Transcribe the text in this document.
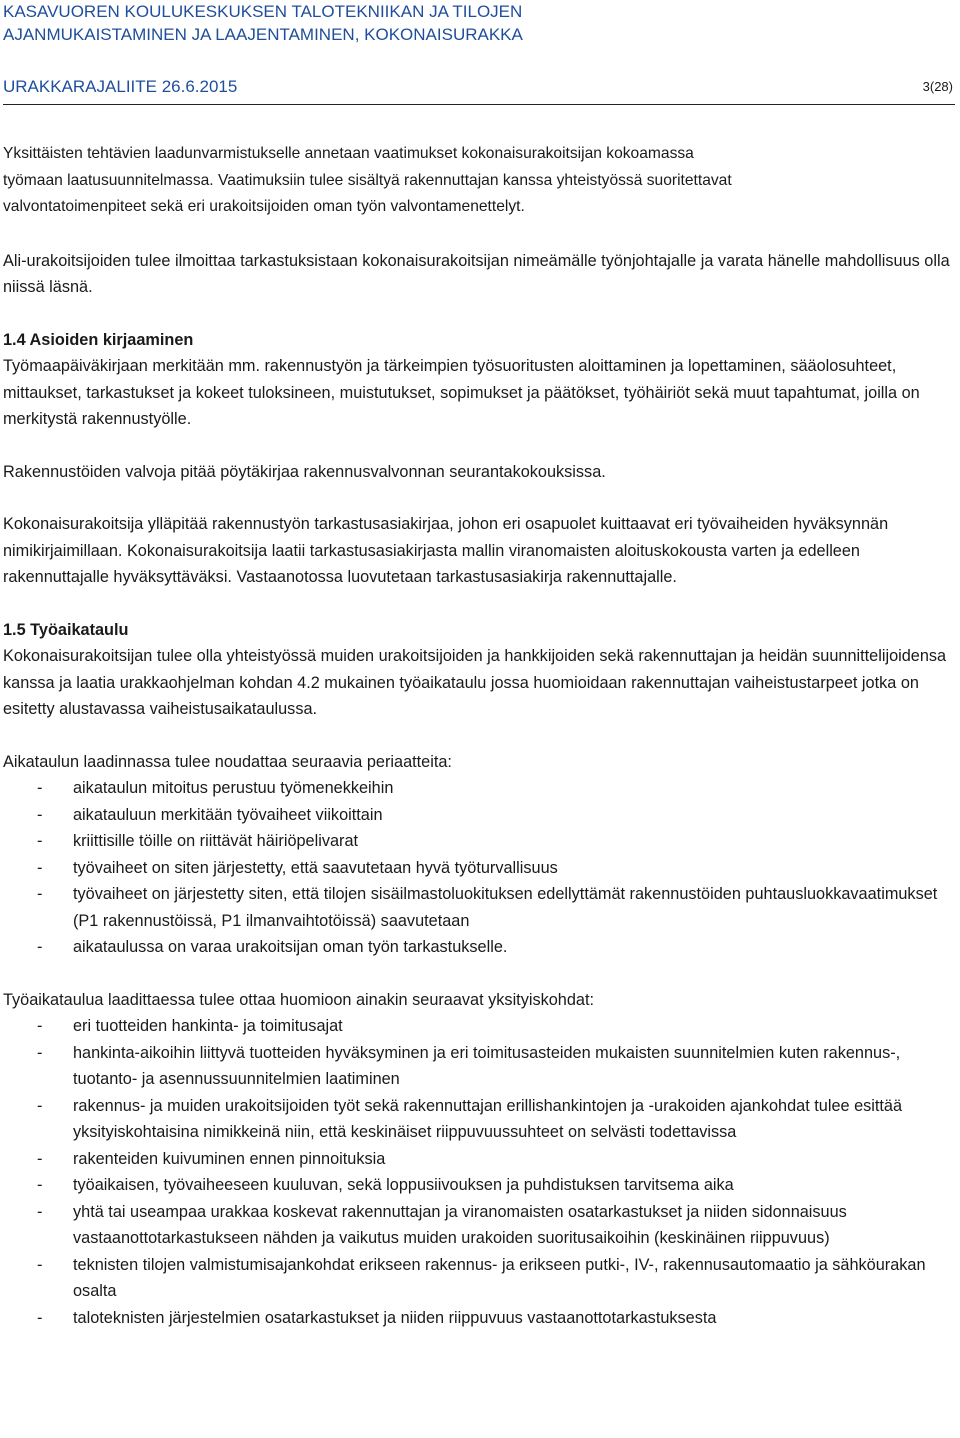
KASAVUOREN KOULUKESKUKSEN TALOTEKNIIKAN JA TILOJEN
AJANMUKAISTAMINEN JA LAAJENTAMINEN, KOKONAISURAKKA
URAKKARAJALIITE 26.6.2015	3(28)
Yksittäisten tehtävien laadunvarmistukselle annetaan vaatimukset kokonaisurakoitsijan kokoamassa
työmaan laatusuunnitelmassa. Vaatimuksiin tulee sisältyä rakennuttajan kanssa yhteistyössä suoritettavat
valvontatoimenpiteet sekä eri urakoitsijoiden oman työn valvontamenettelyt.

Ali-urakoitsijoiden tulee ilmoittaa tarkastuksistaan kokonaisurakoitsijan nimeämälle työnjohtajalle ja varata hänelle mahdollisuus olla niissä läsnä.

1.4 Asioiden kirjaaminen

Työmaapäiväkirjaan merkitään mm. rakennustyön ja tärkeimpien työsuoritusten aloittaminen ja lopettaminen, sääolosuhteet, mittaukset, tarkastukset ja kokeet tuloksineen, muistutukset, sopimukset ja päätökset, työhäiriöt sekä muut tapahtumat, joilla on merkitystä rakennustyölle.

Rakennustöiden valvoja pitää pöytäkirjaa rakennusvalvonnan seurantakokouksissa.

Kokonaisurakoitsija ylläpitää rakennustyön tarkastusasiakirjaa, johon eri osapuolet kuittaavat eri työvaiheiden hyväksynnän nimikirjaimillaan. Kokonaisurakoitsija laatii tarkastusasiakirjasta mallin viranomaisten aloituskokousta varten ja edelleen rakennuttajalle hyväksyttäväksi. Vastaanotossa luovutetaan tarkastusasiakirja rakennuttajalle.

1.5 Työaikataulu

Kokonaisurakoitsijan tulee olla yhteistyössä muiden urakoitsijoiden ja hankkijoiden sekä rakennuttajan ja heidän suunnittelijoidensa kanssa ja laatia urakkaohjelman kohdan 4.2 mukainen työaikataulu jossa huomioidaan rakennuttajan vaiheistustarpeet jotka on esitetty alustavassa vaiheistusaikataulussa.

Aikataulun laadinnassa tulee noudattaa seuraavia periaatteita:

- aikataulun mitoitus perustuu työmenekkeihin
- aikatauluun merkitään työvaiheet viikoittain
- kriittisille töille on riittävät häiriöpelivarat
- työvaiheet on siten järjestetty, että saavutetaan hyvä työturvallisuus
- työvaiheet on järjestetty siten, että tilojen sisäilmastoluokituksen edellyttämät rakennustöiden puhtausluokkavaatimukset (P1 rakennustöissä, P1 ilmanvaihtotöissä) saavutetaan
- aikataulussa on varaa urakoitsijan oman työn tarkastukselle.

Työaikataulua laadittaessa tulee ottaa huomioon ainakin seuraavat yksityiskohdat:

- eri tuotteiden hankinta- ja toimitusajat
- hankinta-aikoihin liittyvä tuotteiden hyväksyminen ja eri toimitusasteiden mukaisten suunnitelmien kuten rakennus-, tuotanto- ja asennussuunnitelmien laatiminen
- rakennus- ja muiden urakoitsijoiden työt sekä rakennuttajan erillishankintojen ja -urakoiden ajankohdat tulee esittää yksityiskohtaisina nimikkeinä niin, että keskinäiset riippuvuussuhteet on selvästi todettavissa
- rakenteiden kuivuminen ennen pinnoituksia
- työaikaisen, työvaiheeseen kuuluvan, sekä loppusiivouksen ja puhdistuksen tarvitsema aika
- yhtä tai useampaa urakkaa koskevat rakennuttajan ja viranomaisten osatarkastukset ja niiden sidonnaisuus vastaanottotarkastukseen nähden ja vaikutus muiden urakoiden suoritusaikoihin (keskinäinen riippuvuus)
- teknisten tilojen valmistumisajankohdat erikseen rakennus- ja erikseen putki-, IV-, rakennusautomaatio ja sähköurakan osalta
- taloteknisten järjestelmien osatarkastukset ja niiden riippuvuus vastaanottotarkastuksesta
